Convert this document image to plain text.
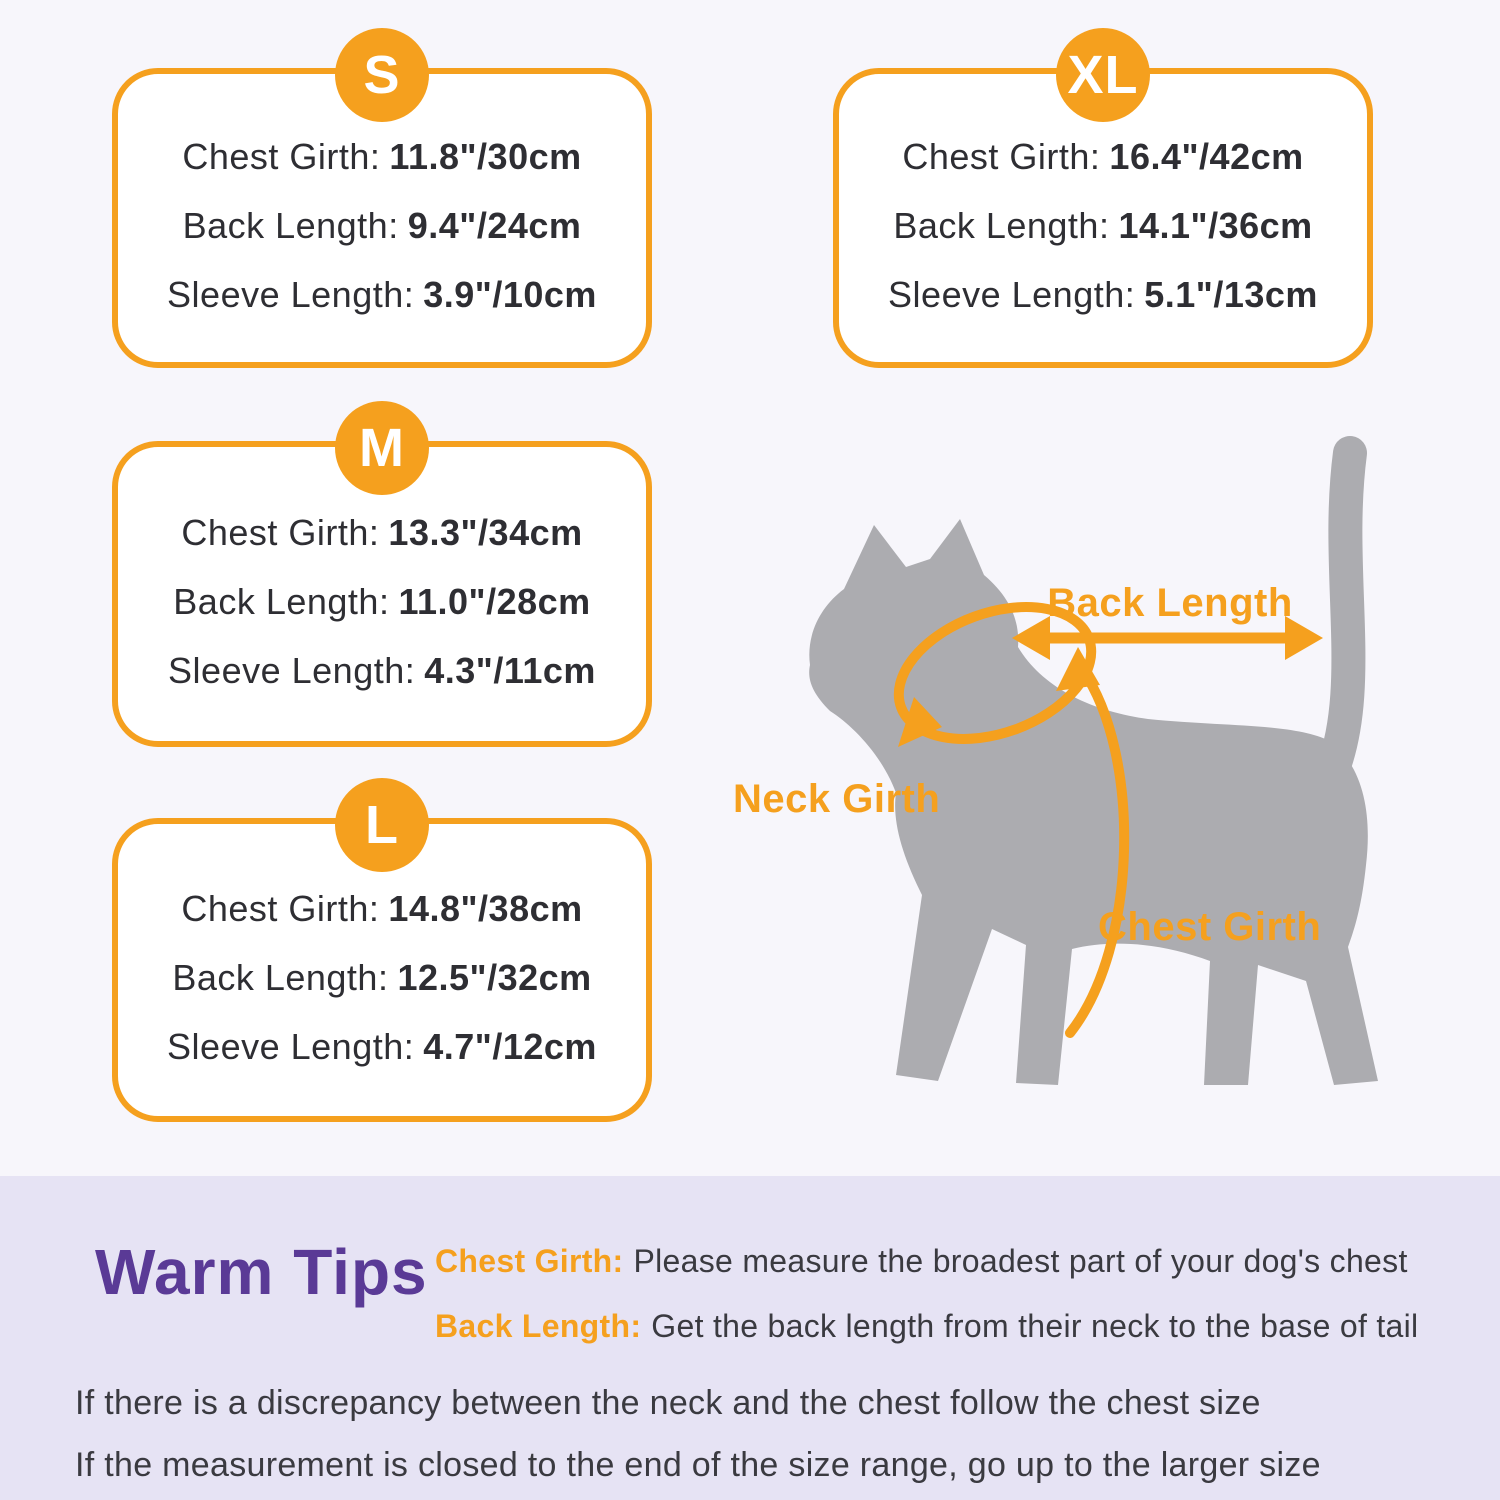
S
Chest Girth: 11.8"/30cm
Back Length: 9.4"/24cm
Sleeve Length: 3.9"/10cm
XL
Chest Girth: 16.4"/42cm
Back Length: 14.1"/36cm
Sleeve Length: 5.1"/13cm
M
Chest Girth: 13.3"/34cm
Back Length: 11.0"/28cm
Sleeve Length: 4.3"/11cm
L
Chest Girth: 14.8"/38cm
Back Length: 12.5"/32cm
Sleeve Length: 4.7"/12cm
Back Length
Neck Girth
Chest Girth
Warm Tips Chest Girth: Please measure the broadest part of your dog's chest
Back Length: Get the back length from their neck to the base of tail
If there is a discrepancy between the neck and the chest follow the chest size
If the measurement is closed to the end of the size range, go up to the larger size
